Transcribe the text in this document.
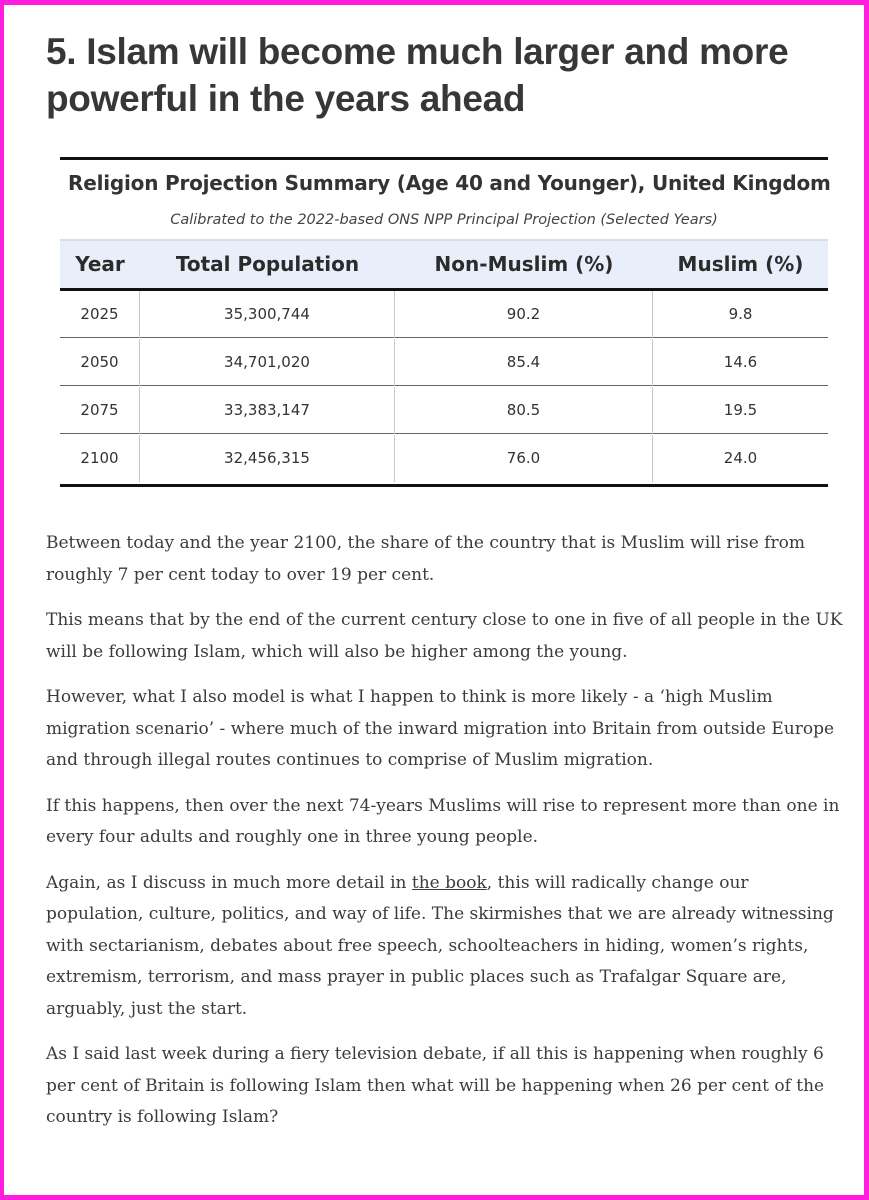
5. Islam will become much larger and more powerful in the years ahead
Religion Projection Summary (Age 40 and Younger), United Kingdom
Calibrated to the 2022-based ONS NPP Principal Projection (Selected Years)
Year	Total Population	Non-Muslim (%)	Muslim (%)
2025	35,300,744	90.2	9.8
2050	34,701,020	85.4	14.6
2075	33,383,147	80.5	19.5
2100	32,456,315	76.0	24.0

Between today and the year 2100, the share of the country that is Muslim will rise from roughly 7 per cent today to over 19 per cent.

This means that by the end of the current century close to one in five of all people in the UK will be following Islam, which will also be higher among the young.

However, what I also model is what I happen to think is more likely - a ‘high Muslim migration scenario’ - where much of the inward migration into Britain from outside Europe and through illegal routes continues to comprise of Muslim migration.

If this happens, then over the next 74-years Muslims will rise to represent more than one in every four adults and roughly one in three young people.

Again, as I discuss in much more detail in the book, this will radically change our population, culture, politics, and way of life. The skirmishes that we are already witnessing with sectarianism, debates about free speech, schoolteachers in hiding, women’s rights, extremism, terrorism, and mass prayer in public places such as Trafalgar Square are, arguably, just the start.

As I said last week during a fiery television debate, if all this is happening when roughly 6 per cent of Britain is following Islam then what will be happening when 26 per cent of the country is following Islam?
